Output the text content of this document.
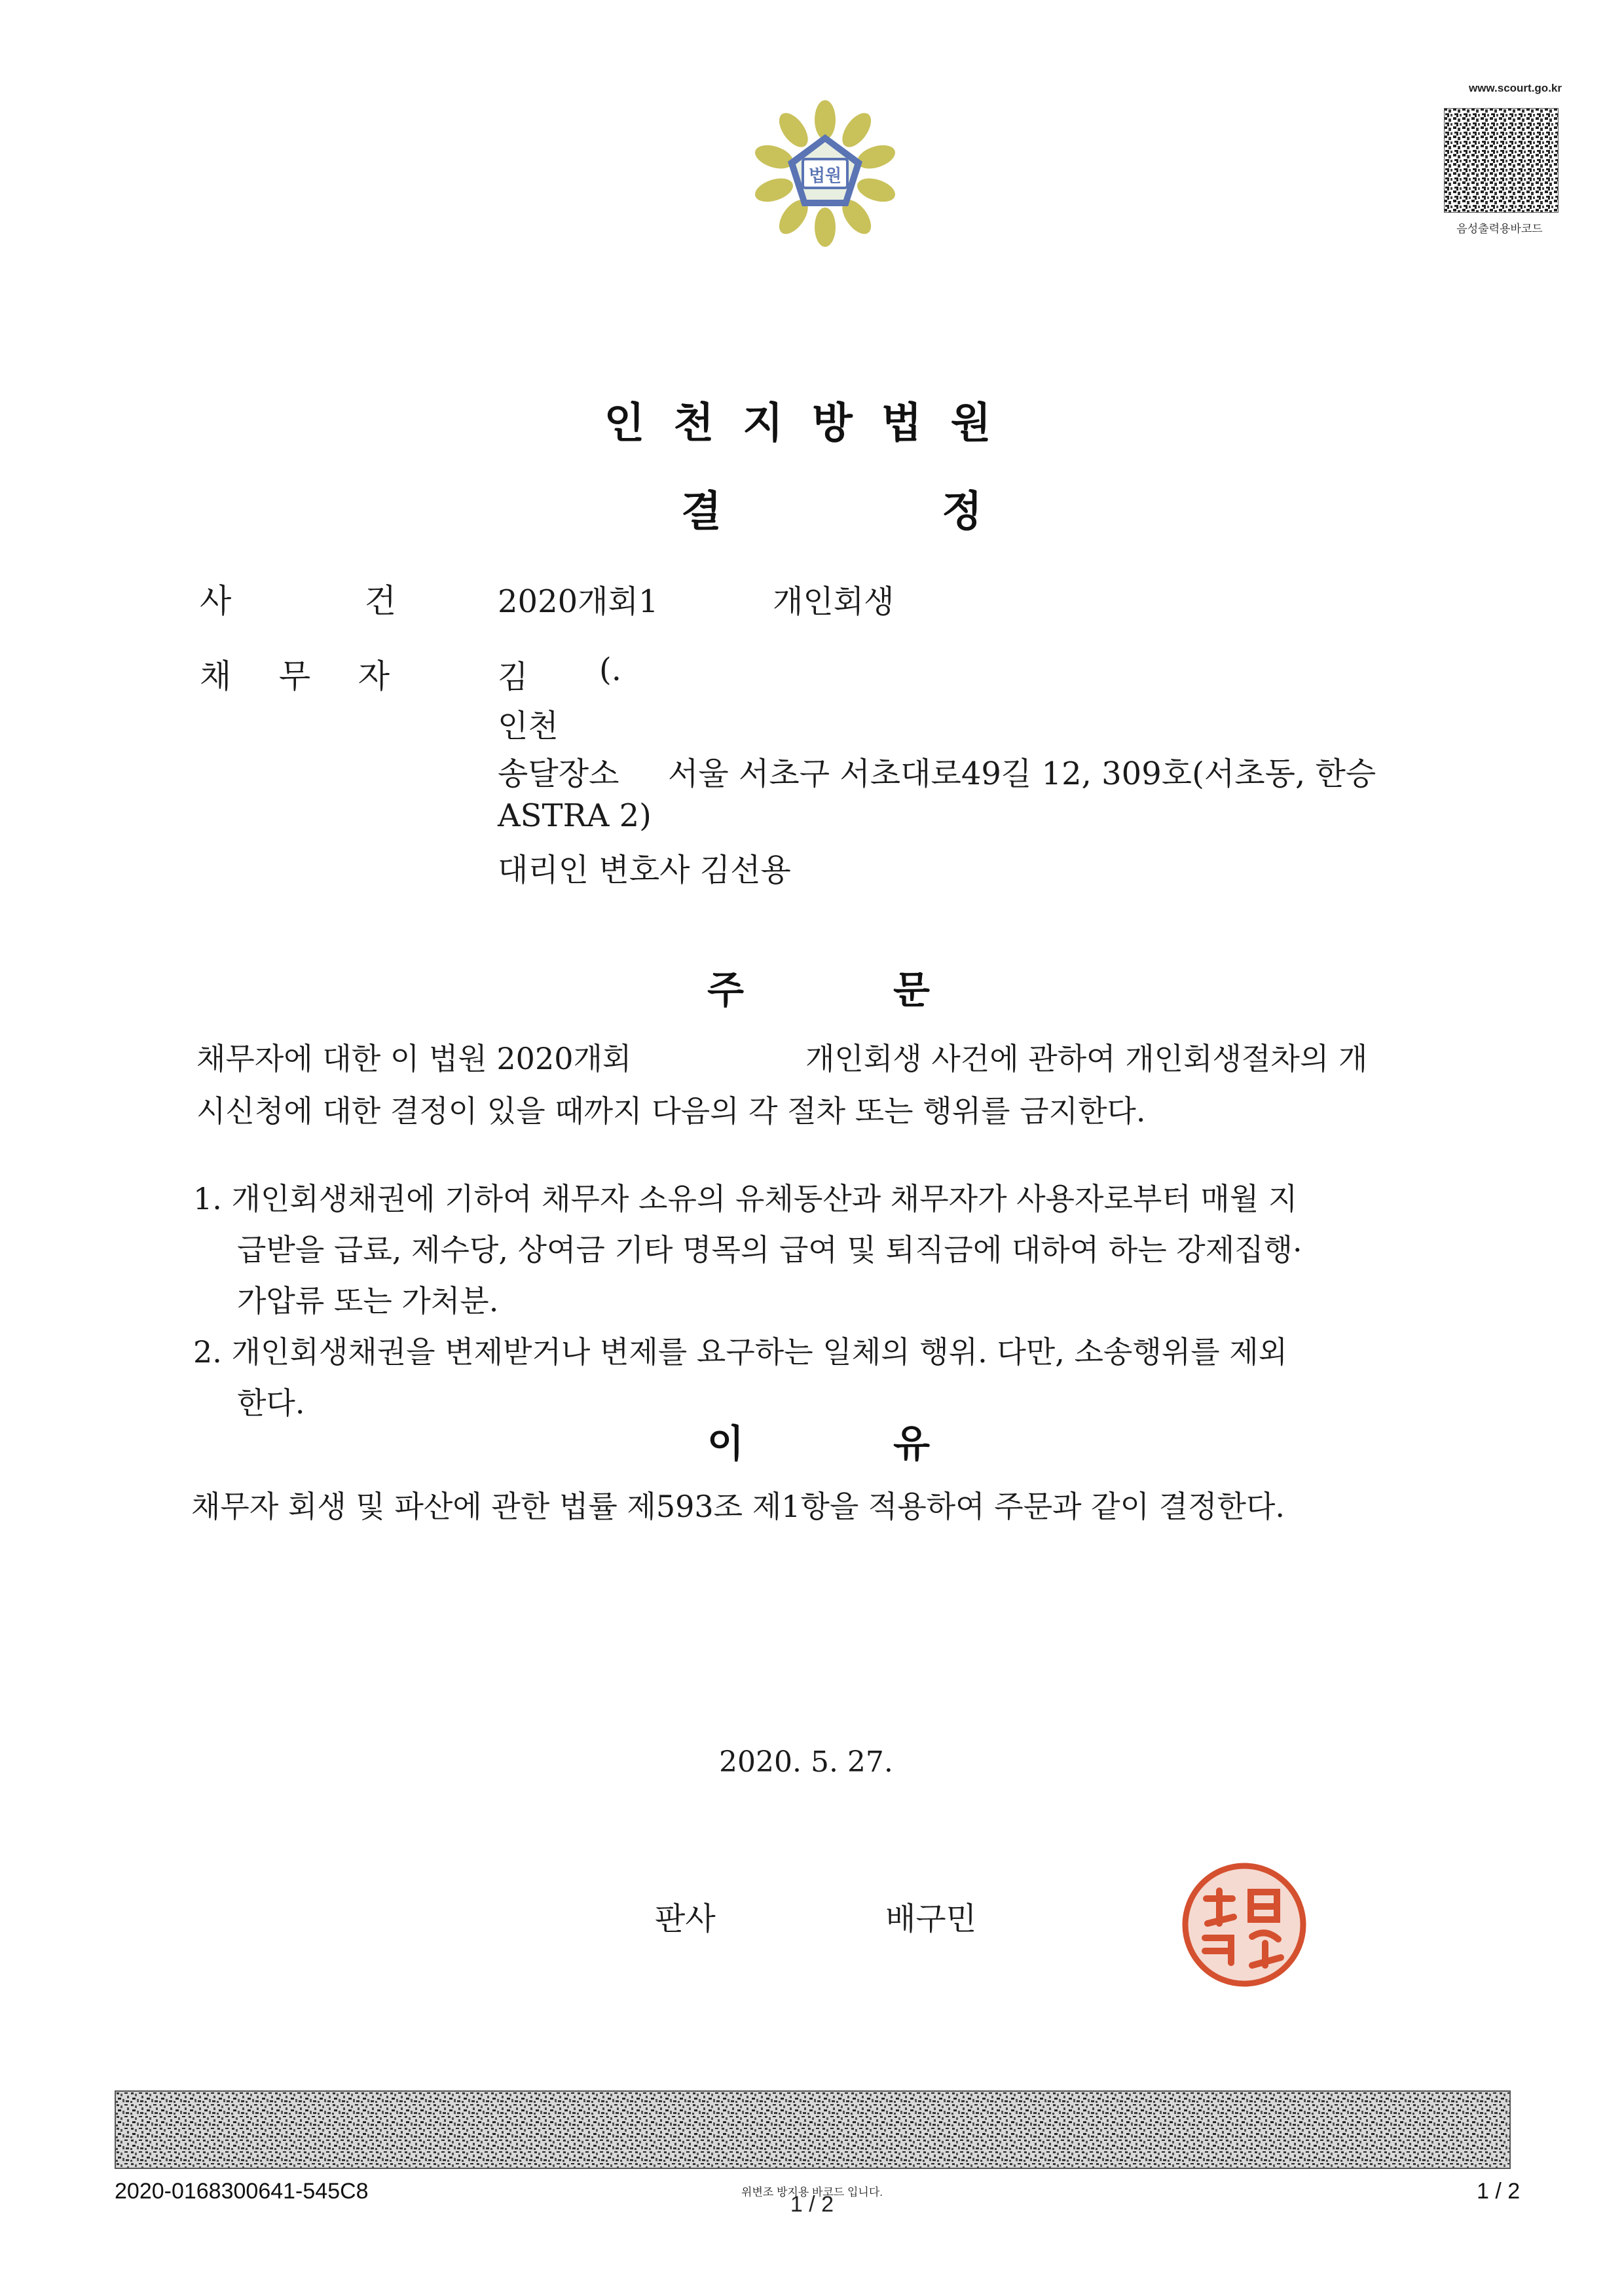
법원
www.scourt.go.kr
음성출력용바코드
인천지방법원
결	정
사	건	2020개회1	개인회생
채 무 자	김 (.
인천
송달장소 서울 서초구 서초대로49길 12, 309호(서초동, 한승
ASTRA 2)
대리인 변호사 김선용
주	문
채무자에 대한 이 법원 2020개회	개인회생 사건에 관하여 개인회생절차의 개
시신청에 대한 결정이 있을 때까지 다음의 각 절차 또는 행위를 금지한다.
1. 개인회생채권에 기하여 채무자 소유의 유체동산과 채무자가 사용자로부터 매월 지
급받을 급료, 제수당, 상여금 기타 명목의 급여 및 퇴직금에 대하여 하는 강제집행·
가압류 또는 가처분.
2. 개인회생채권을 변제받거나 변제를 요구하는 일체의 행위. 다만, 소송행위를 제외
한다.
이	유
채무자 회생 및 파산에 관한 법률 제593조 제1항을 적용하여 주문과 같이 결정한다.
2020. 5. 27.
판사	배구민
2020-0168300641-545C8	위변조 방지용 바코드 입니다.
1 / 2
1 / 2
